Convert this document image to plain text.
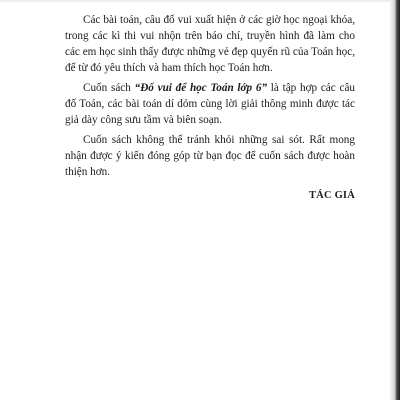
Các bài toán, câu đố vui xuất hiện ở các giờ học ngoại khóa, trong các kì thi vui nhộn trên báo chí, truyền hình đã làm cho các em học sinh thấy được những vẻ đẹp quyến rũ của Toán học, để từ đó yêu thích và ham thích học Toán hơn.

Cuốn sách “Đố vui để học Toán lớp 6” là tập hợp các câu đố Toán, các bài toán dí dỏm cùng lời giải thông minh được tác giả dày công sưu tầm và biên soạn.

Cuốn sách không thể tránh khỏi những sai sót. Rất mong nhận được ý kiến đóng góp từ bạn đọc để cuốn sách được hoàn thiện hơn.

TÁC GIẢ
